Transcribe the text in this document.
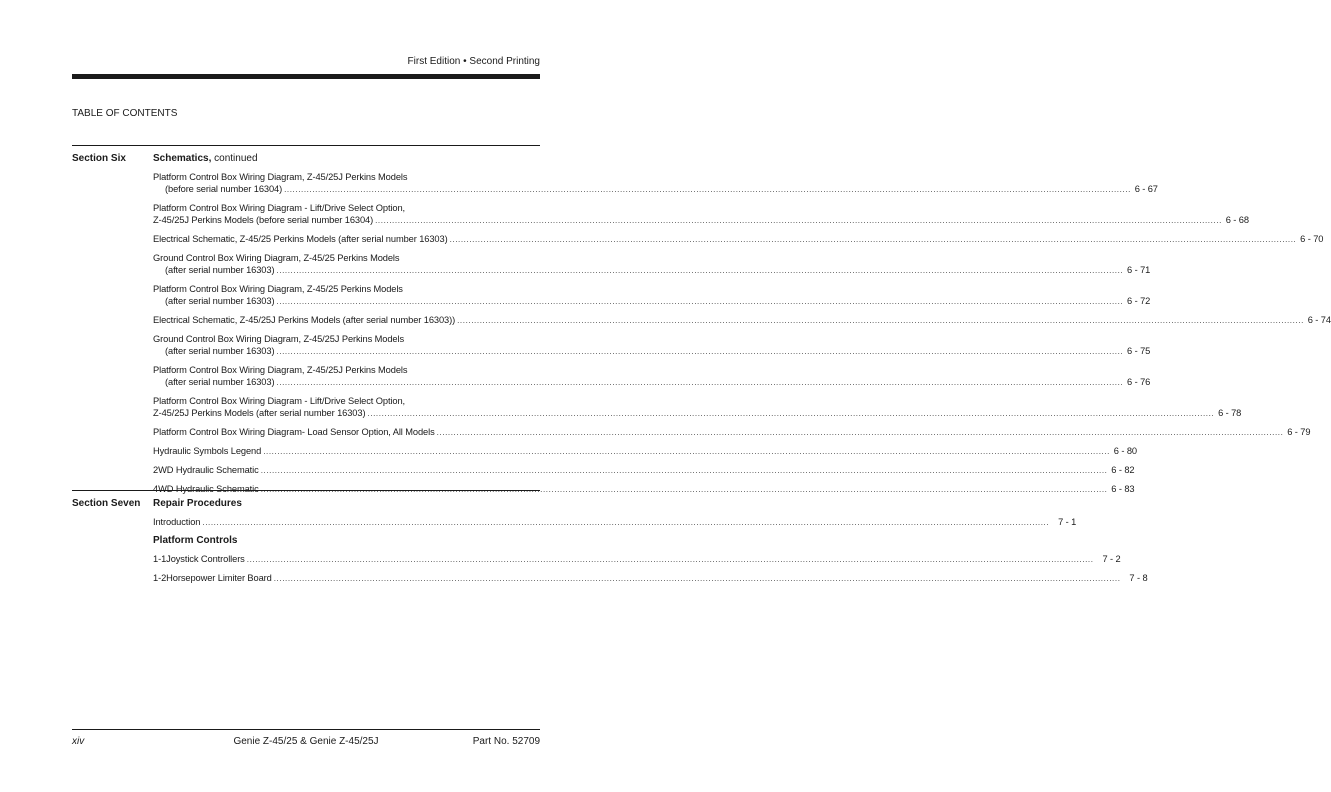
First Edition • Second Printing
TABLE OF CONTENTS
Section Six	Schematics, continued
Platform Control Box Wiring Diagram, Z-45/25J Perkins Models
(before serial number 16304) ............................................................................................................................................................................................................................................................................................................ 6 - 67
Platform Control Box Wiring Diagram - Lift/Drive Select Option,
Z-45/25J Perkins Models (before serial number 16304) ............................................................................................................................................................................................................................................................................................................ 6 - 68
Electrical Schematic, Z-45/25 Perkins Models (after serial number 16303) ............................................................................................................................................................................................................................................................................................................ 6 - 70
Ground Control Box Wiring Diagram, Z-45/25 Perkins Models
(after serial number 16303) ............................................................................................................................................................................................................................................................................................................ 6 - 71
Platform Control Box Wiring Diagram, Z-45/25 Perkins Models
(after serial number 16303) ............................................................................................................................................................................................................................................................................................................ 6 - 72
Electrical Schematic, Z-45/25J Perkins Models (after serial number 16303)) ............................................................................................................................................................................................................................................................................................................ 6 - 74
Ground Control Box Wiring Diagram, Z-45/25J Perkins Models
(after serial number 16303) ............................................................................................................................................................................................................................................................................................................ 6 - 75
Platform Control Box Wiring Diagram, Z-45/25J Perkins Models
(after serial number 16303) ............................................................................................................................................................................................................................................................................................................ 6 - 76
Platform Control Box Wiring Diagram - Lift/Drive Select Option,
Z-45/25J Perkins Models (after serial number 16303) ............................................................................................................................................................................................................................................................................................................ 6 - 78
Platform Control Box Wiring Diagram- Load Sensor Option, All Models ............................................................................................................................................................................................................................................................................................................ 6 - 79
Hydraulic Symbols Legend ............................................................................................................................................................................................................................................................................................................ 6 - 80
2WD Hydraulic Schematic ............................................................................................................................................................................................................................................................................................................ 6 - 82
4WD Hydraulic Schematic ............................................................................................................................................................................................................................................................................................................ 6 - 83
Section Seven Repair Procedures
Introduction ............................................................................................................................................................................................................................................................................................................ 7 - 1
Platform Controls
1-1 Joystick Controllers ............................................................................................................................................................................................................................................................................................................ 7 - 2
1-2 Horsepower Limiter Board ............................................................................................................................................................................................................................................................................................................ 7 - 8
xiv	Genie Z-45/25 & Genie Z-45/25J	Part No. 52709
